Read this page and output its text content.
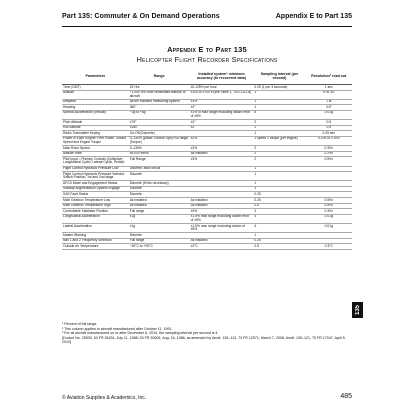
Part 135: Commuter & On Demand Operations	Appendix E to Part 135
Appendix E to Part 135
Helicopter Flight Recorder Specifications
Parameters	Range	Installed system¹ minimum accuracy (to recovered data)	Sampling interval (per second)	Resolution² read out
Time (GMT)	24 Hrs	±0.125% per hour	0.25 (1 per 4 seconds)	1 sec
Altitude	−1,000 ft to max certificated altitude of aircraft	±100 to ±700 ft (see Table 1, TSO-C51-a)	1	5′ to 30′
Airspeed	As the installed measuring system	±3%	1	1 kt
Heading	360°	±2°	1	0.5°
Normal Acceleration (vertical)	−3g to +6g	±1% of max range excluding datum error of ±5%	8	0.01g
Pitch Attitude	±75°	±2°	2	0.5
Roll Attitude	±180°	±2°	2	0.5
Radio Transmitter Keying	On-Off (Discrete)		1	0.25 sec
Power in Each Engine: Free Power Turbine Speed and Engine Torque	0–130% (power Turbine Spd) Full range (Torque)	±2%	1 speed 1 torque (per engine)	0.2%¹ to 0.4%²
Main Rotor Speed	0–130%	±2%	2	0.3%²
Altitude Rate	±6,000 ft/min	As installed	2	0.2%²
Pilot Input – Primary Controls (Collective, Longitudinal Cyclic, Lateral Cyclic, Pedal)³	Full Range	±3%	2	0.5%²
Flight Control Hydraulic Pressure Low	Discrete, each circuit		1	
Flight Control Hydraulic Pressure Selector Switch Position, 1st and 2nd stage	Discrete		1	
AFCS Mode and Engagement Status	Discrete (5 bits necessary)		1	
Stability Augmentation System Engage	Discrete		1	
SAS Fault Status	Discrete		0.25	
Main Gearbox Temperature Low	As installed	As installed	0.25	0.5%²
Main Gearbox Temperature High	As installed	As installed	0.5	0.5%²
Controllable Stabilator Position	Full range	±3%	2	0.4%²
Longitudinal Acceleration	±1g	±1.5% max range excluding datum error of ±5%	4	0.01g
Lateral Acceleration	±1g	±1.5% max range excluding datum of ±5%	4	0.01g
Master Warning	Discrete		1	
Nav 1 and 2 Frequency Selection	Full range	As installed	0.25	
Outside Air Temperature	−50°C to +90°C	±2°C	0.5	0.3°C
¹ Percent of full range.
² This column applies to aircraft manufactured after October 11, 1991.
³ For all aircraft manufactured on or after December 6, 2010, the sampling interval per second is 4.
[Docket No. 25530, 53 FR 26154, July 11, 1988; 53 FR 30906, Aug. 16, 1988, as amended by Amdt. 135–113, 73 FR 12571, March 7, 2008; Amdt. 135–121, 75 FR 17047, April 5, 2010]
© Aviation Supplies & Academics, Inc.	485
135
